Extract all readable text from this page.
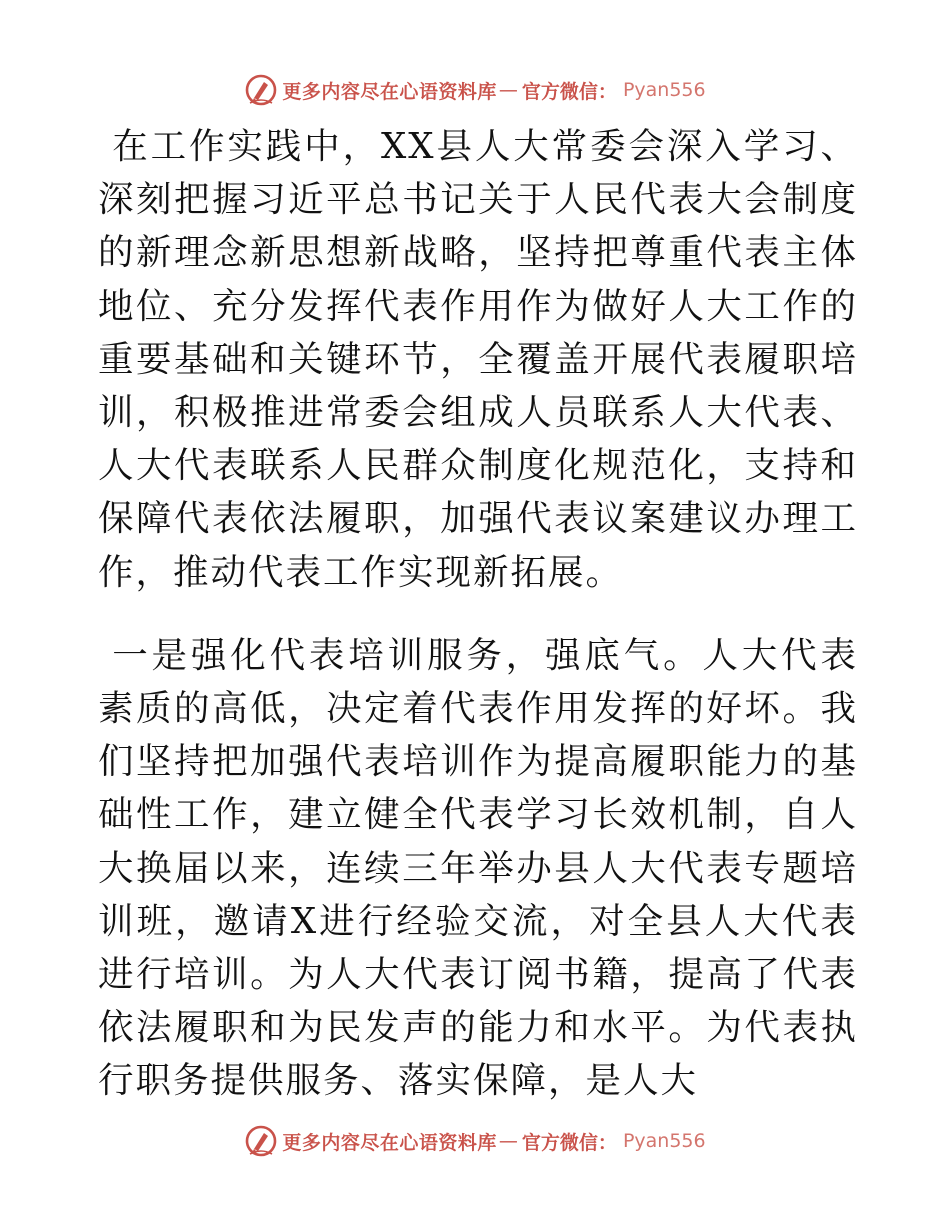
更多内容尽在心语资料库 — 官方微信： Pyan556

在工作实践中，XX县人大常委会深入学习、深刻把握习近平总书记关于人民代表大会制度的新理念新思想新战略，坚持把尊重代表主体地位、充分发挥代表作用作为做好人大工作的重要基础和关键环节，全覆盖开展代表履职培训，积极推进常委会组成人员联系人大代表、人大代表联系人民群众制度化规范化，支持和保障代表依法履职，加强代表议案建议办理工作，推动代表工作实现新拓展。

一是强化代表培训服务，强底气。人大代表素质的高低，决定着代表作用发挥的好坏。我们坚持把加强代表培训作为提高履职能力的基础性工作，建立健全代表学习长效机制，自人大换届以来，连续三年举办县人大代表专题培训班，邀请X进行经验交流，对全县人大代表进行培训。为人大代表订阅书籍，提高了代表依法履职和为民发声的能力和水平。为代表执行职务提供服务、落实保障，是人大

更多内容尽在心语资料库 — 官方微信： Pyan556
